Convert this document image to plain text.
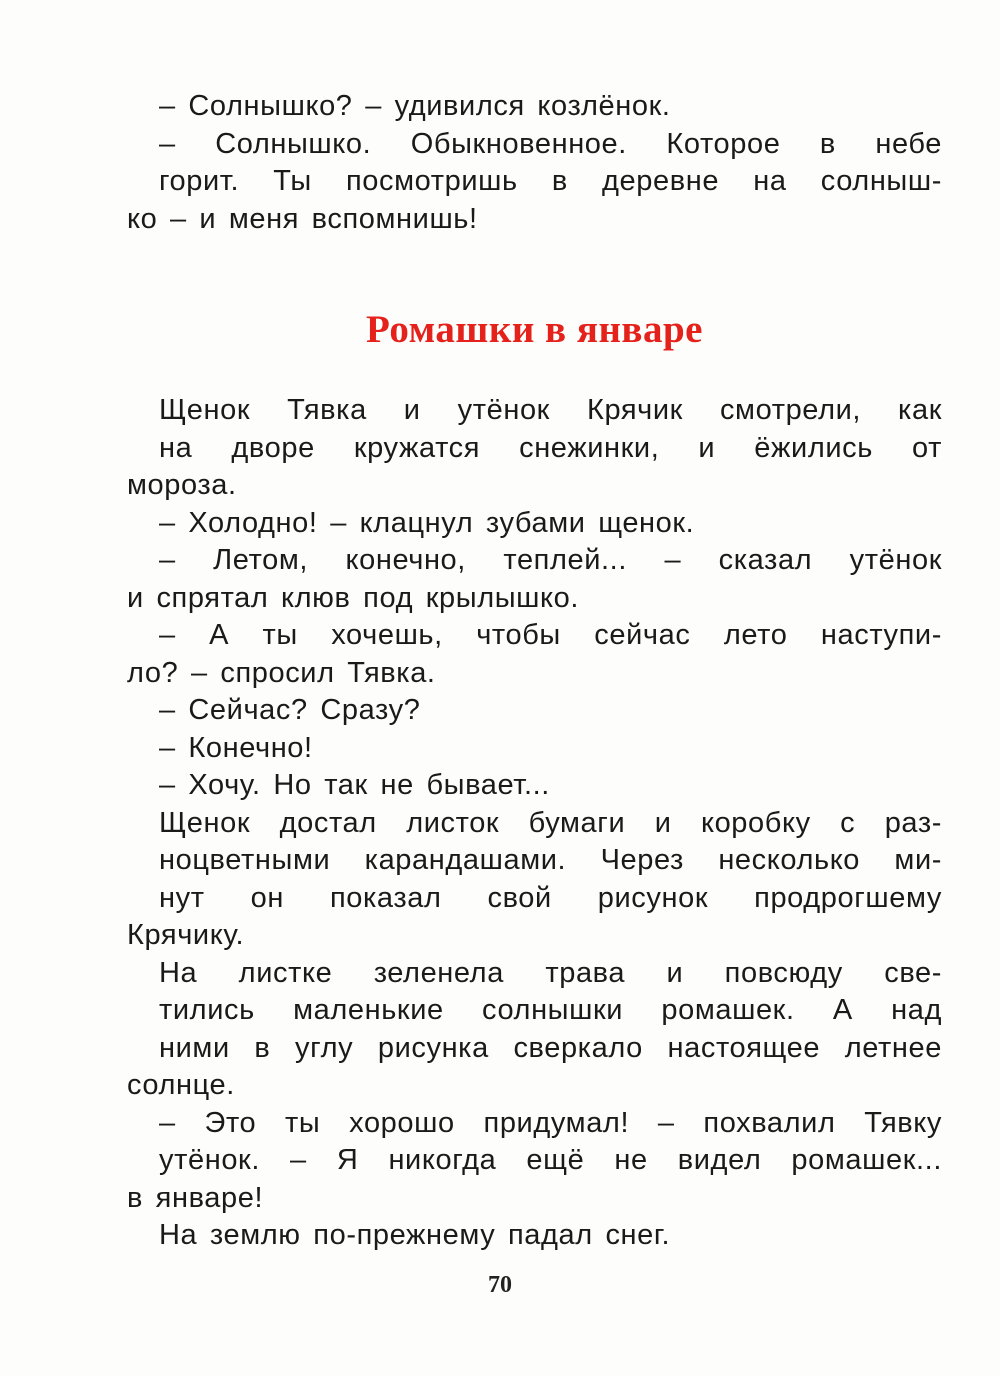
– Солнышко? – удивился козлёнок.

– Солнышко. Обыкновенное. Которое в небе
горит. Ты посмотришь в деревне на солныш-
ко – и меня вспомнишь!

Ромашки в январе

Щенок Тявка и утёнок Крячик смотрели, как
на дворе кружатся снежинки, и ёжились от
мороза.

– Холодно! – клацнул зубами щенок.

– Летом, конечно, теплей... – сказал утёнок
и спрятал клюв под крылышко.

– А ты хочешь, чтобы сейчас лето наступи-
ло? – спросил Тявка.

– Сейчас? Сразу?

– Конечно!

– Хочу. Но так не бывает...

Щенок достал листок бумаги и коробку с раз-
ноцветными карандашами. Через несколько ми-
нут он показал свой рисунок продрогшему
Крячику.

На листке зеленела трава и повсюду све-
тились маленькие солнышки ромашек. А над
ними в углу рисунка сверкало настоящее летнее
солнце.

– Это ты хорошо придумал! – похвалил Тявку
утёнок. – Я никогда ещё не видел ромашек...
в январе!

На землю по-прежнему падал снег.

70
